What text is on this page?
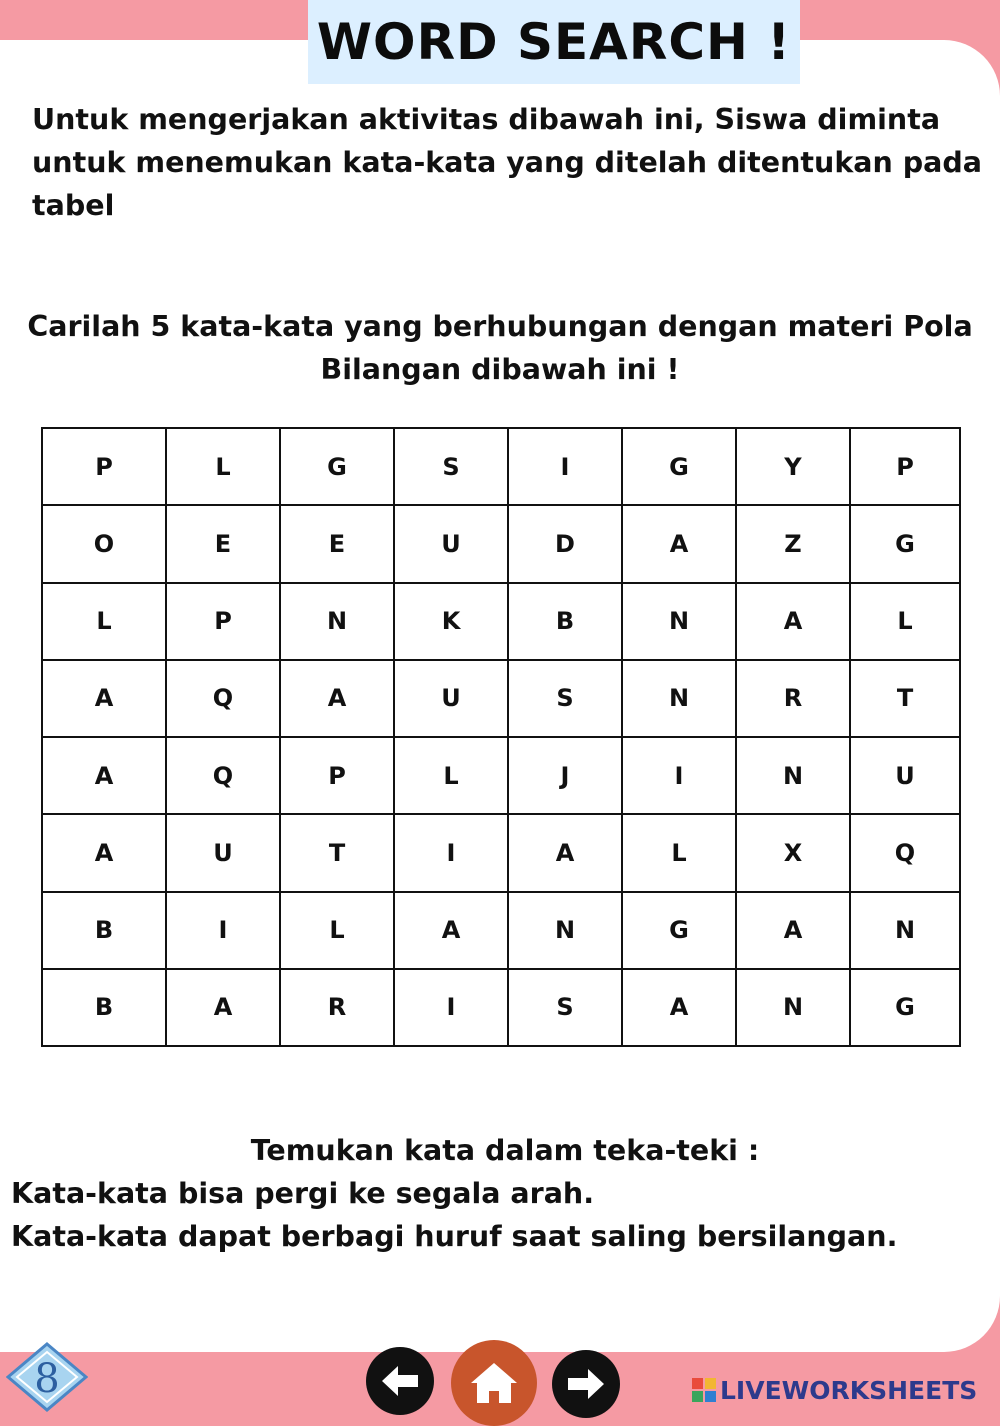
WORD SEARCH !

Untuk mengerjakan aktivitas dibawah ini, Siswa diminta untuk menemukan kata-kata yang ditelah ditentukan pada tabel

Carilah 5 kata-kata yang berhubungan dengan materi Pola Bilangan dibawah ini !

P	L	G	S	I	G	Y	P
O	E	E	U	D	A	Z	G
L	P	N	K	B	N	A	L
A	Q	A	U	S	N	R	T
A	Q	P	L	J	I	N	U
A	U	T	I	A	L	X	Q
B	I	L	A	N	G	A	N
B	A	R	I	S	A	N	G

Temukan kata dalam teka-teki :

Kata-kata bisa pergi ke segala arah.

Kata-kata dapat berbagi huruf saat saling bersilangan.

8	LIVEWORKSHEETS
